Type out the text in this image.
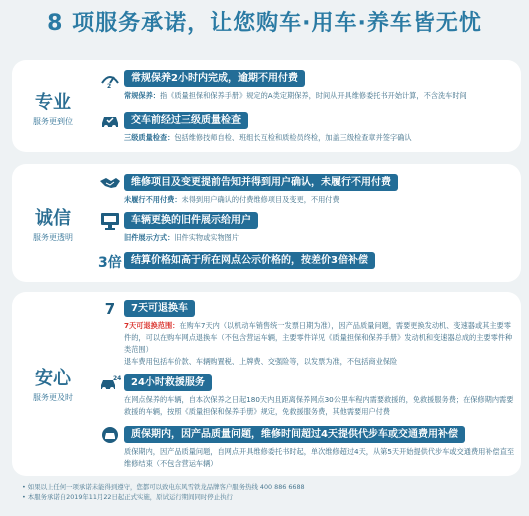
8 项服务承诺，让您购车·用车·养车皆无忧
专业
服务更到位
2
常规保养2小时内完成，逾期不用付费
常规保养：指《质量担保和保养手册》规定的A类定期保养，时间从开具维修委托书开始计算，不含洗车时间
交车前经过三级质量检查
三级质量检查：包括维修技师自检、班组长互检和质检员终检，加盖三级检查章并签字确认
诚信
服务更透明
维修项目及变更提前告知并得到用户确认，未履行不用付费
未履行不用付费：未得到用户确认的付费维修项目及变更，不用付费
车辆更换的旧件展示给用户
旧件展示方式：旧件实物或实物图片
3倍 结算价格如高于所在网点公示价格的，按差价3倍补偿
安心
服务更及时
7	7天可退换车
7天可退换范围：在购车7天内（以机动车销售统一发票日期为准），因产品质量问题，需要更换发动机、变速器或其主要零件的，可以在购车网点退换车（不包含营运车辆，主要零件详见《质量担保和保养手册》发动机和变速器总成的主要零件种类范围）
退车费用包括车价款、车辆购置税、上牌费、交强险等，以发票为准，不包括商业保险
24 24小时救援服务
在网点保养的车辆，自本次保养之日起180天内且距离保养网点30公里车程内需要救援的，免救援服务费；在保修期内需要救援的车辆，按照《质量担保和保养手册》规定，免救援服务费，其他需要用户付费
质保期内，因产品质量问题，维修时间超过4天提供代步车或交通费用补偿
质保期内，因产品质量问题，自网点开具维修委托书时起，单次维修超过4天，从第5天开始提供代步车或交通费用补偿直至维修结束（不包含营运车辆）
• 如果以上任何一项承诺未能得到遵守，您都可以致电东风雪铁龙品牌客户服务热线 400 886 6688
• 本服务承诺自2019年11月22日起正式实施，原试运行期间同时停止执行
